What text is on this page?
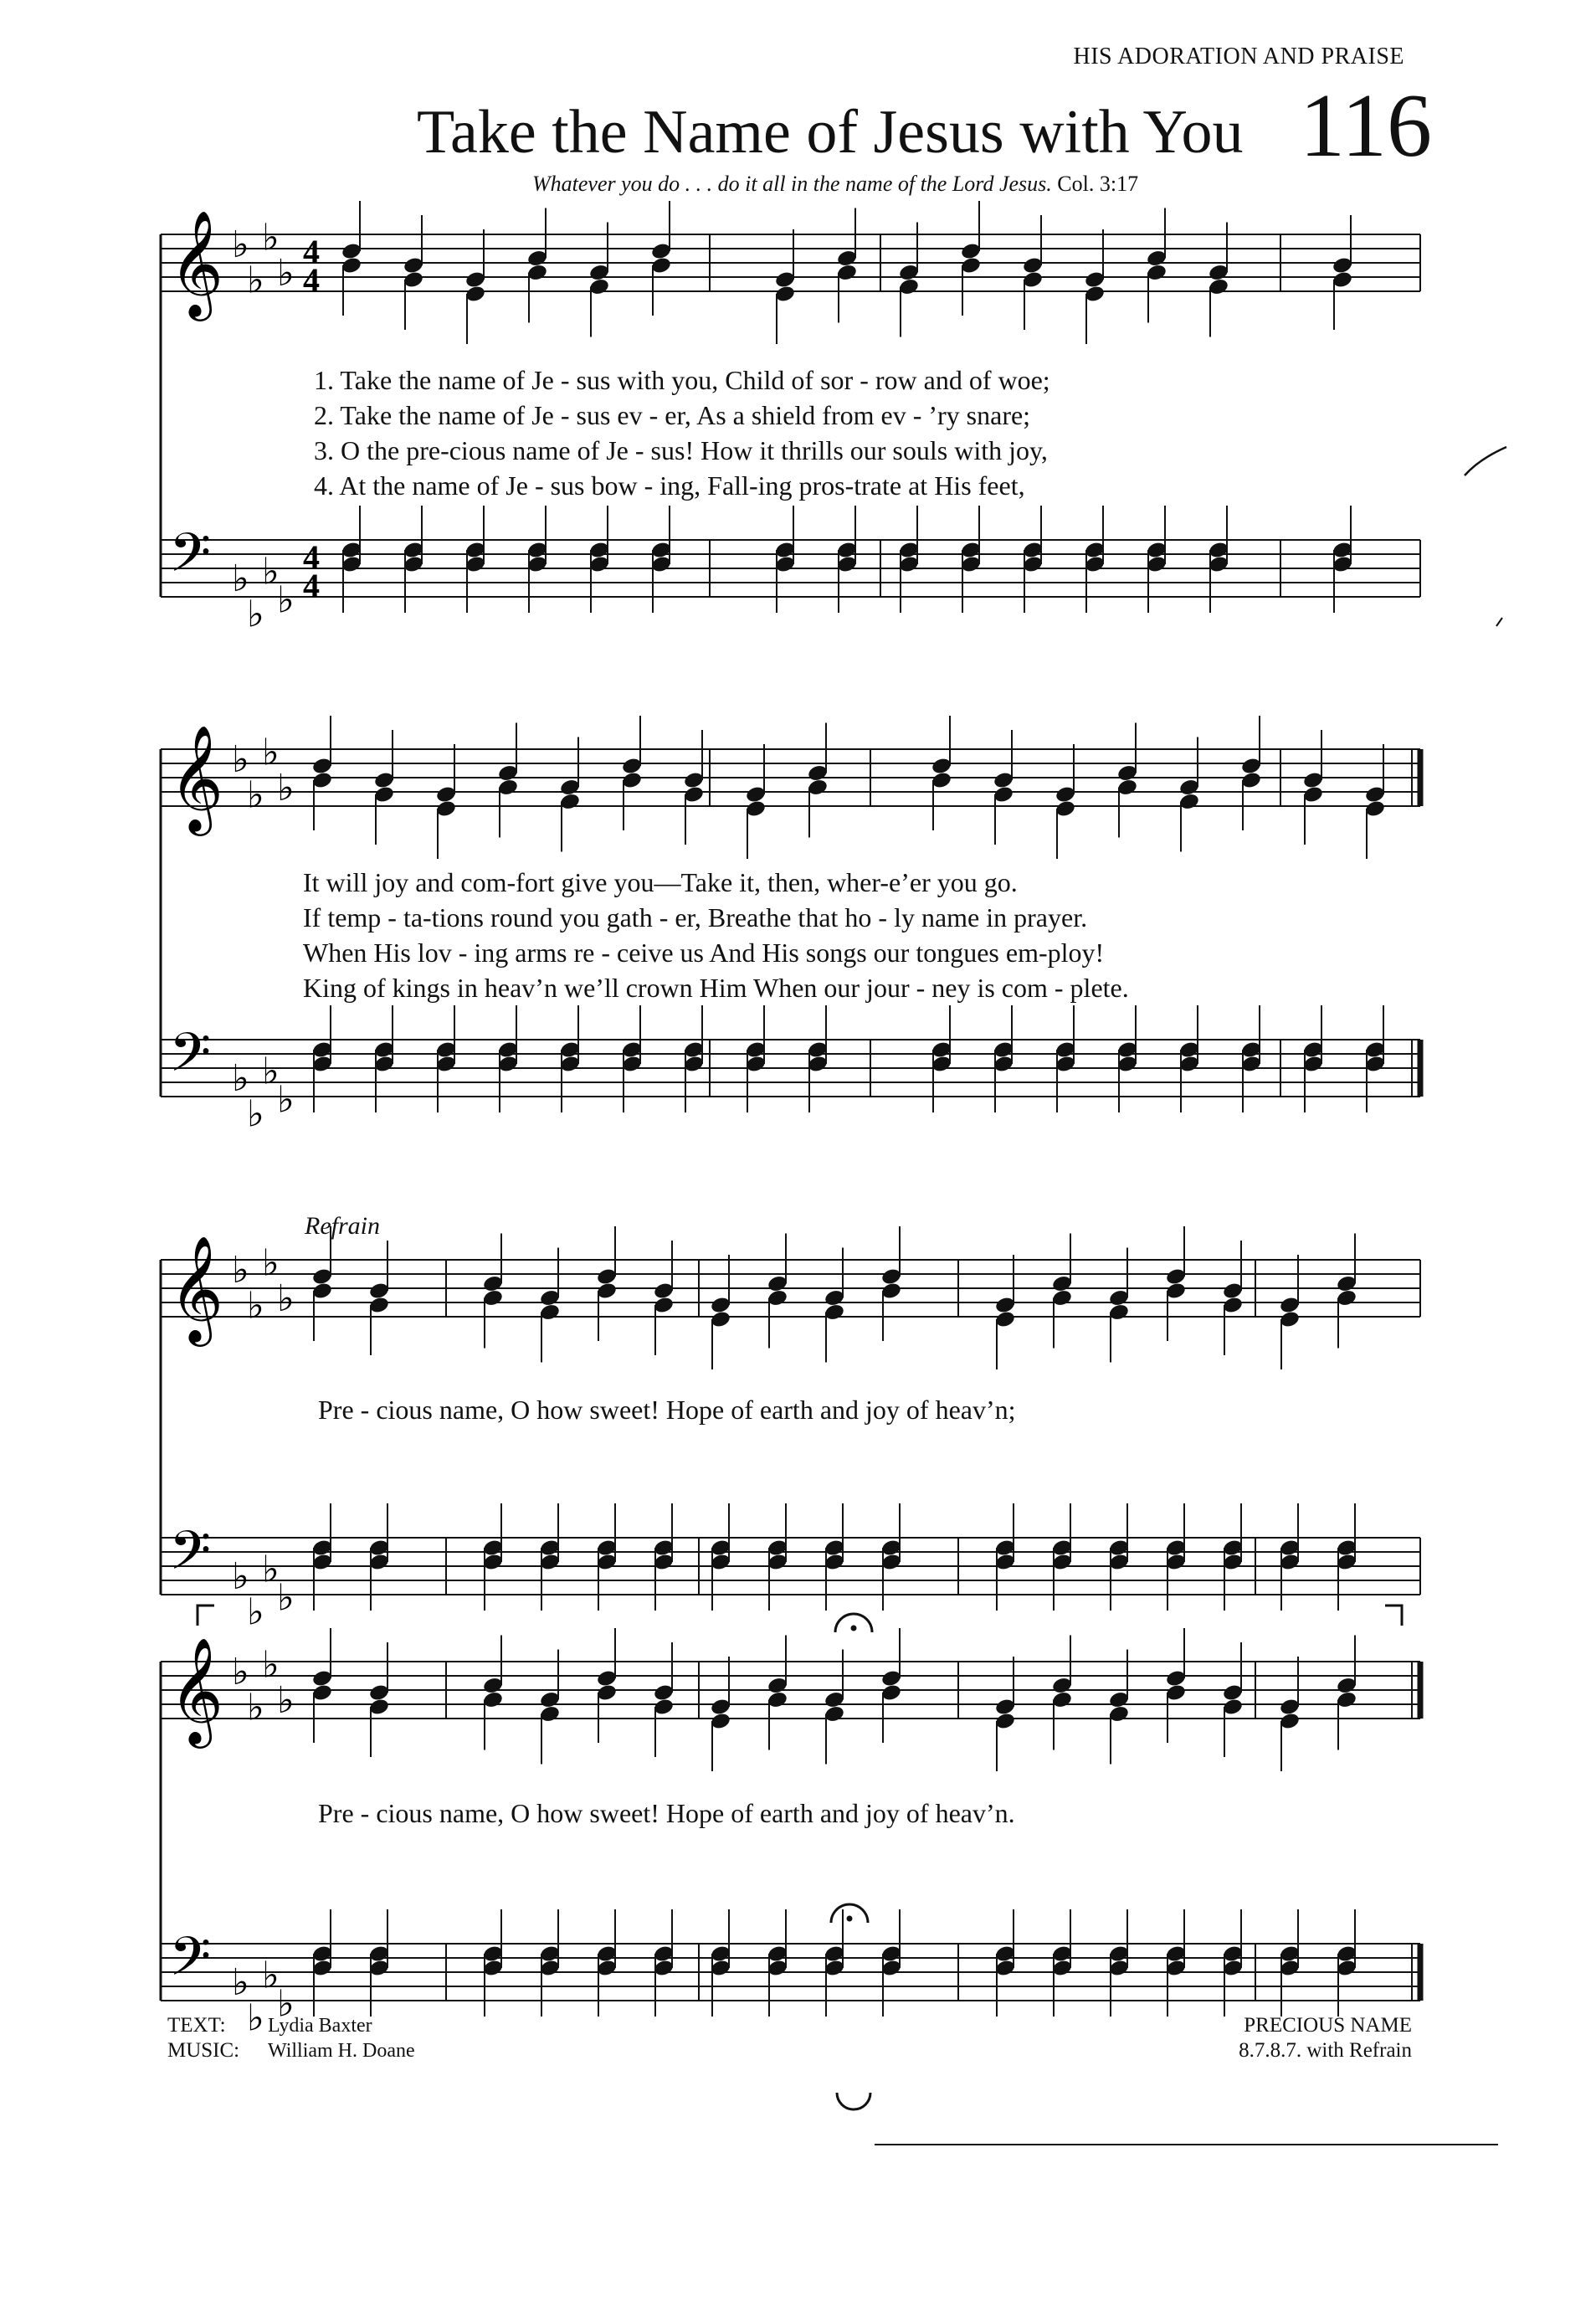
HIS ADORATION AND PRAISE
Take the Name of Jesus with You 116
Whatever you do . . . do it all in the name of the Lord Jesus. Col. 3:17
𝄞 ♭
♭
♭
♭
4
4
𝄢 ♭
♭
♭
♭
4
4
𝄞 ♭
♭
♭
♭
𝄢 ♭
♭
♭
♭
𝄞 ♭
♭
♭
♭
𝄢 ♭
♭
♭
♭
𝄞 ♭
♭
♭
♭
𝄢 ♭
♭
♭
♭
1. Take the name of Je - sus with you, Child of sor - row and of woe;
2. Take the name of Je - sus ev - er, As a shield from ev - ’ry snare;
3. O the pre-cious name of Je - sus! How it thrills our souls with joy,
4. At the name of Je - sus bow - ing, Fall-ing pros-trate at His feet,
It will joy and com-fort give you—Take it, then, wher-e’er you go.
If temp - ta-tions round you gath - er, Breathe that ho - ly name in prayer.
When His lov - ing arms re - ceive us And His songs our tongues em-ploy!
King of kings in heav’n we’ll crown Him When our jour - ney is com - plete.
Refrain
Pre - cious name, O how sweet! Hope of earth and joy of heav’n;
Pre - cious name, O how sweet! Hope of earth and joy of heav’n.
TEXT: Lydia Baxter
MUSIC: William H. Doane
PRECIOUS NAME
8.7.8.7. with Refrain
